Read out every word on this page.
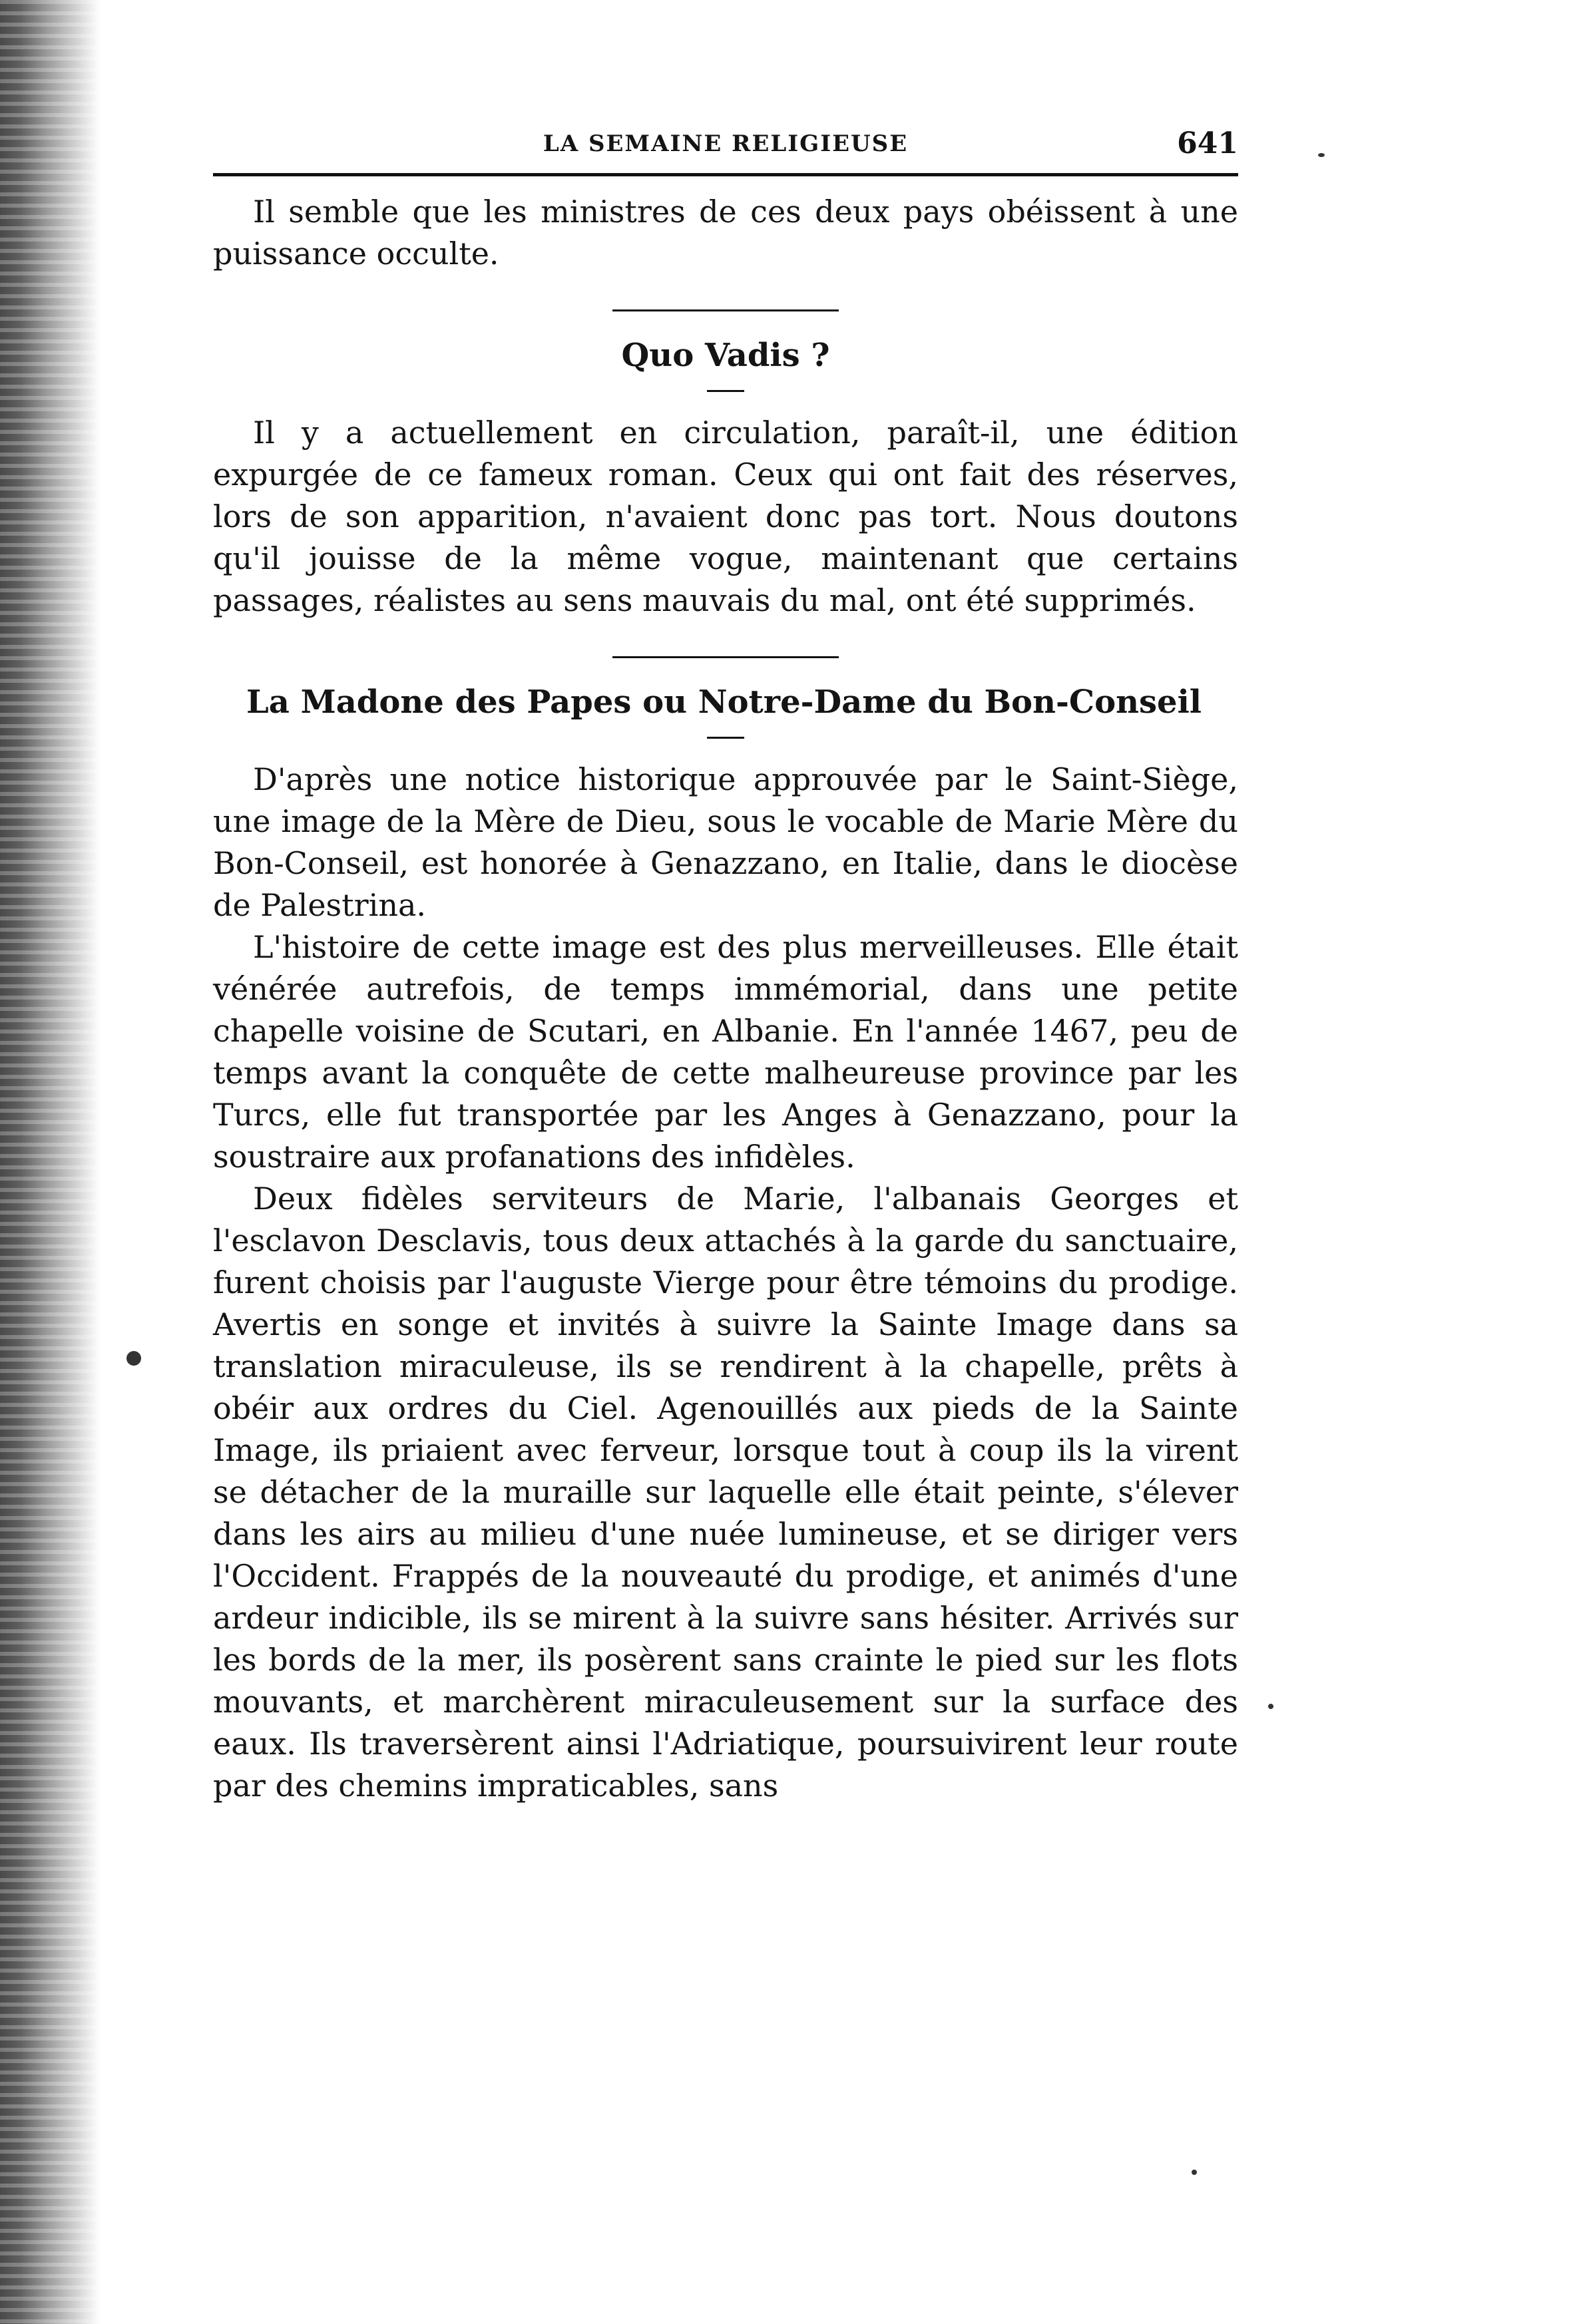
LA SEMAINE RELIGIEUSE	641

Il semble que les ministres de ces deux pays obéissent à une puissance occulte.

Quo Vadis ?

Il y a actuellement en circulation, paraît-il, une édition expurgée de ce fameux roman. Ceux qui ont fait des réserves, lors de son apparition, n'avaient donc pas tort. Nous doutons qu'il jouisse de la même vogue, maintenant que certains passages, réalistes au sens mauvais du mal, ont été supprimés.

La Madone des Papes ou Notre-Dame du Bon-Conseil

D'après une notice historique approuvée par le Saint-Siège, une image de la Mère de Dieu, sous le vocable de Marie Mère du Bon-Conseil, est honorée à Genazzano, en Italie, dans le diocèse de Palestrina.

L'histoire de cette image est des plus merveilleuses. Elle était vénérée autrefois, de temps immémorial, dans une petite chapelle voisine de Scutari, en Albanie. En l'année 1467, peu de temps avant la conquête de cette malheureuse province par les Turcs, elle fut transportée par les Anges à Genazzano, pour la soustraire aux profanations des infidèles.

Deux fidèles serviteurs de Marie, l'albanais Georges et l'esclavon Desclavis, tous deux attachés à la garde du sanctuaire, furent choisis par l'auguste Vierge pour être témoins du prodige. Avertis en songe et invités à suivre la Sainte Image dans sa translation miraculeuse, ils se rendirent à la chapelle, prêts à obéir aux ordres du Ciel. Agenouillés aux pieds de la Sainte Image, ils priaient avec ferveur, lorsque tout à coup ils la virent se détacher de la muraille sur laquelle elle était peinte, s'élever dans les airs au milieu d'une nuée lumineuse, et se diriger vers l'Occident. Frappés de la nouveauté du prodige, et animés d'une ardeur indicible, ils se mirent à la suivre sans hésiter. Arrivés sur les bords de la mer, ils posèrent sans crainte le pied sur les flots mouvants, et marchèrent miraculeusement sur la surface des eaux. Ils traversèrent ainsi l'Adriatique, poursuivirent leur route par des chemins impraticables, sans
